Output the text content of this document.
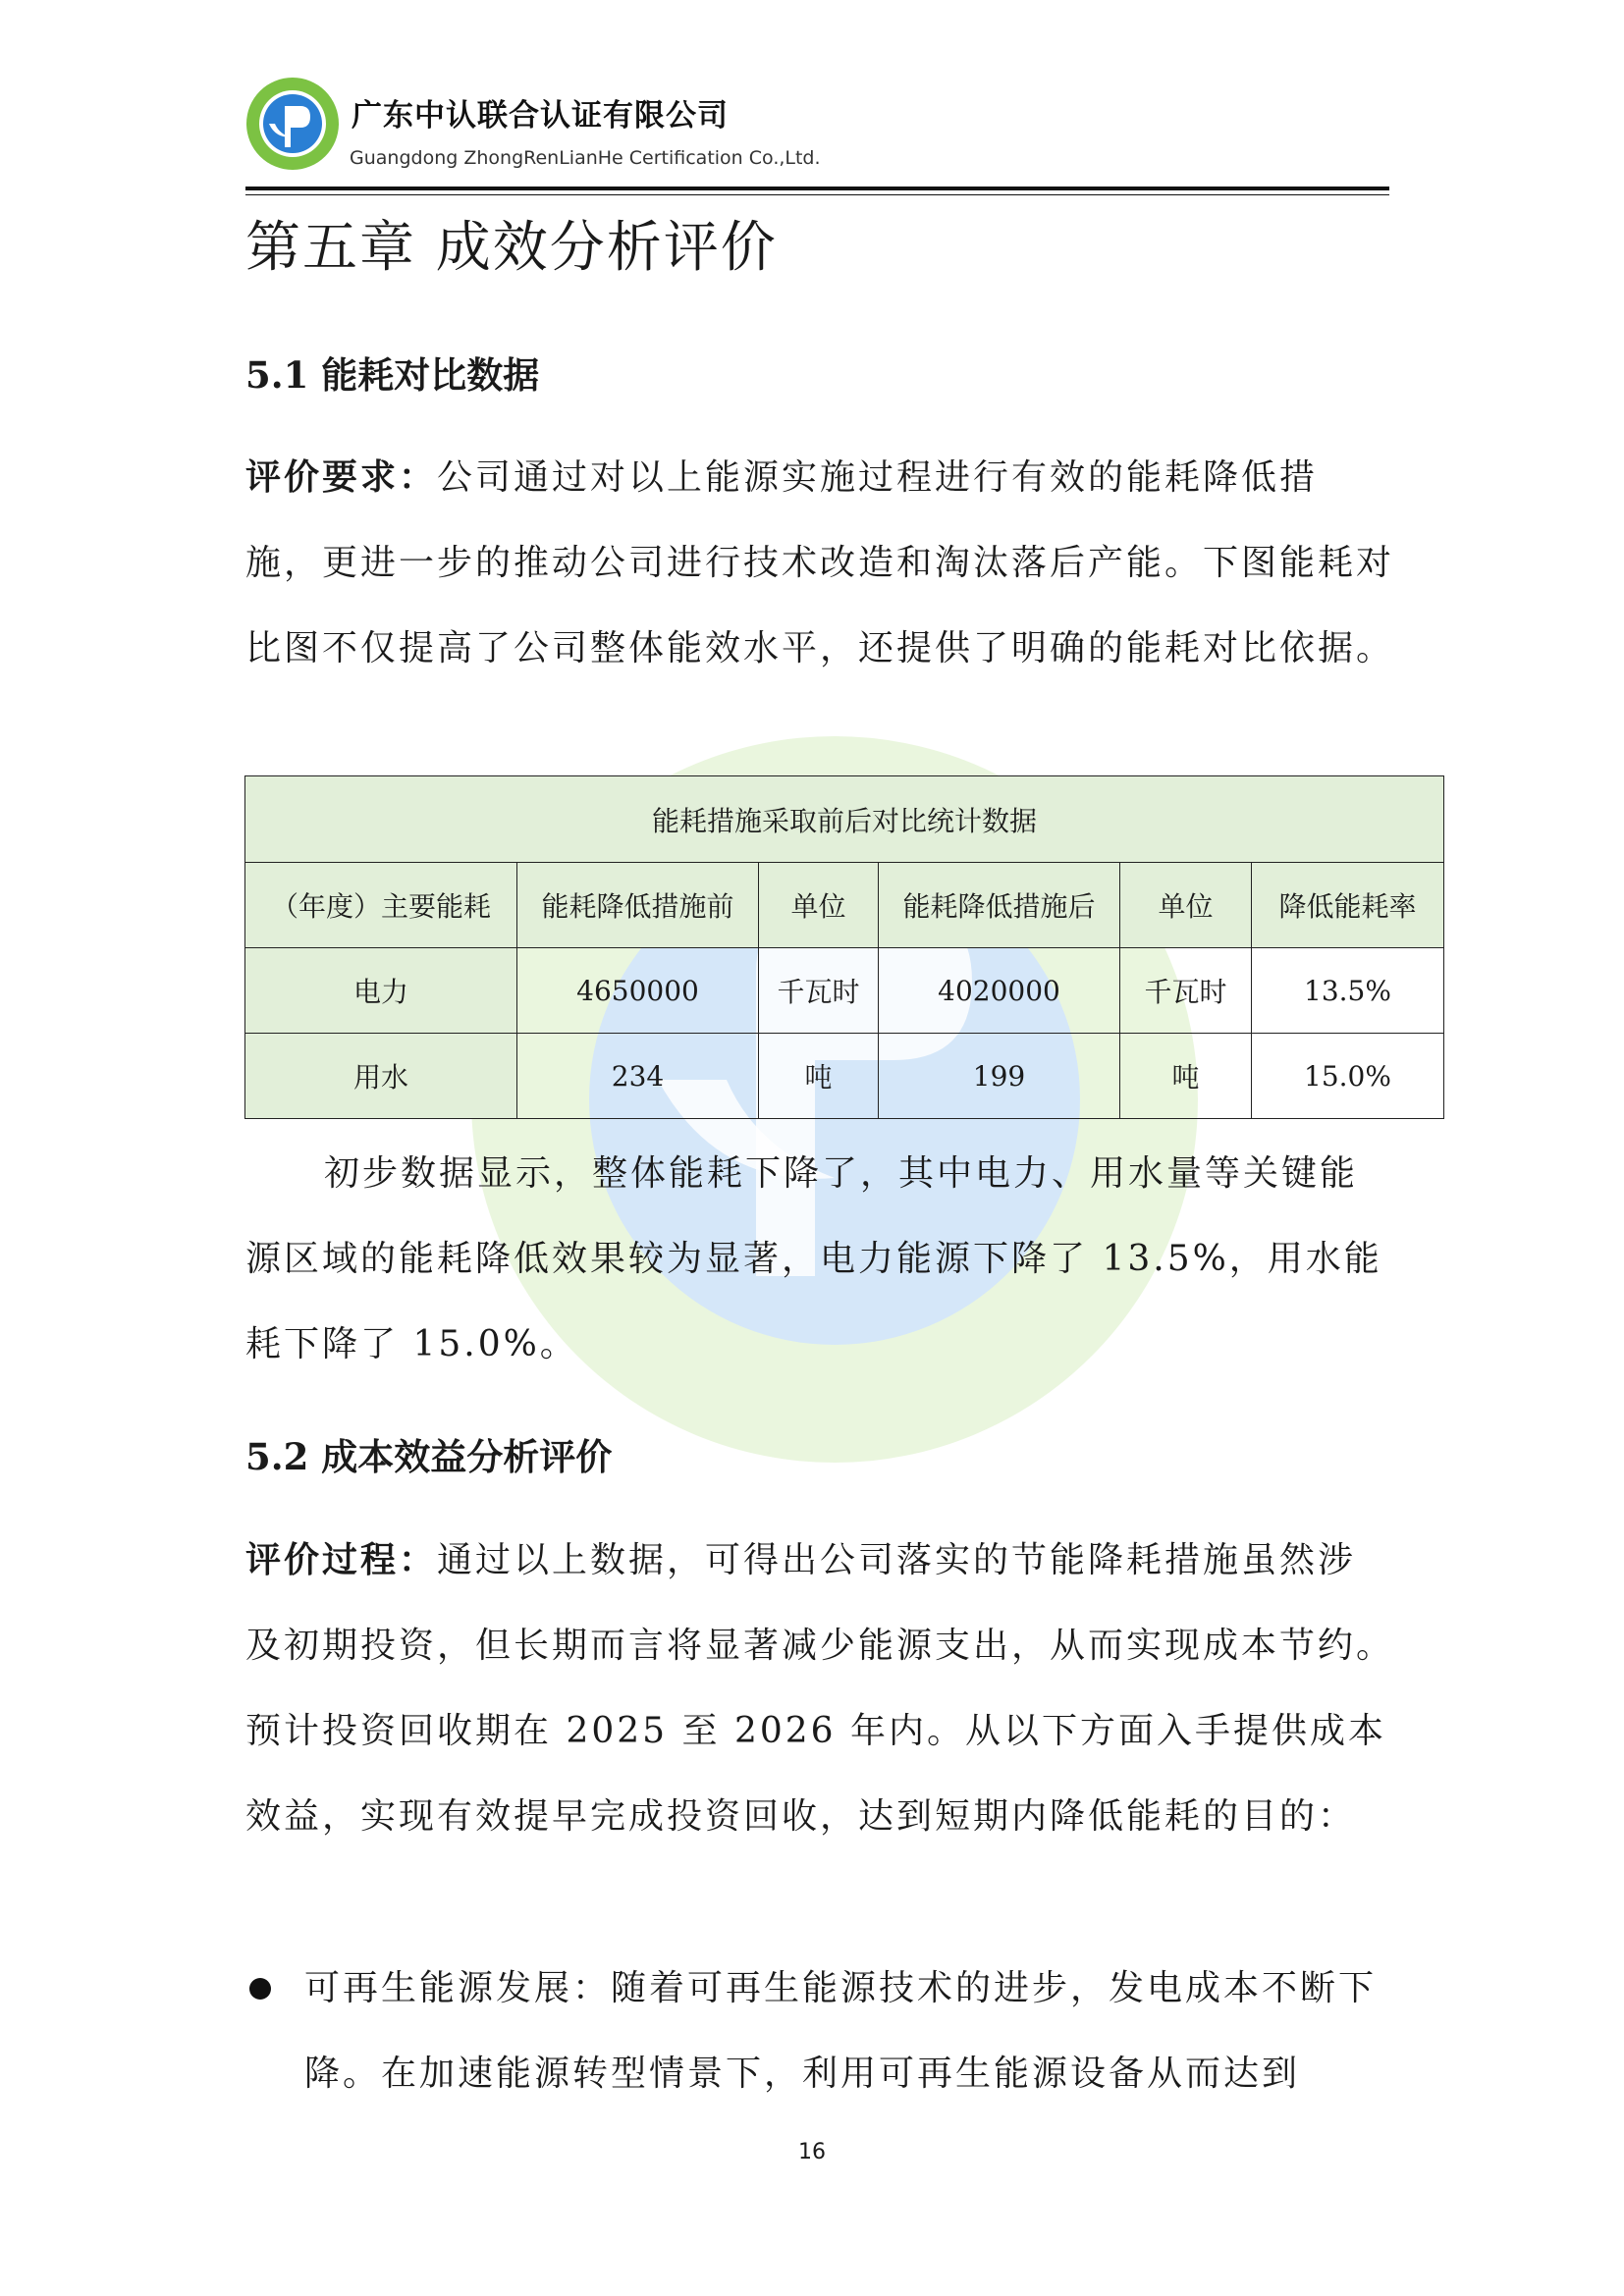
广东中认联合认证有限公司
Guangdong ZhongRenLianHe Certification Co.,Ltd.
第五章 成效分析评价
5.1 能耗对比数据

评价要求：公司通过对以上能源实施过程进行有效的能耗降低措施，更进一步的推动公司进行技术改造和淘汰落后产能。下图能耗对比图不仅提高了公司整体能效水平，还提供了明确的能耗对比依据。

能耗措施采取前后对比统计数据					
（年度）主要能耗	能耗降低措施前	单位	能耗降低措施后	单位	降低能耗率
电力	4650000	千瓦时	4020000	千瓦时	13.5%
用水	234	吨	199	吨	15.0%

初步数据显示，整体能耗下降了，其中电力、用水量等关键能源区域的能耗降低效果较为显著，电力能源下降了 13.5%，用水能耗下降了 15.0%。

5.2 成本效益分析评价

评价过程：通过以上数据，可得出公司落实的节能降耗措施虽然涉及初期投资，但长期而言将显著减少能源支出，从而实现成本节约。预计投资回收期在 2025 至 2026 年内。从以下方面入手提供成本效益，实现有效提早完成投资回收，达到短期内降低能耗的目的：

可再生能源发展：随着可再生能源技术的进步，发电成本不断下降。在加速能源转型情景下，利用可再生能源设备从而达到

16
